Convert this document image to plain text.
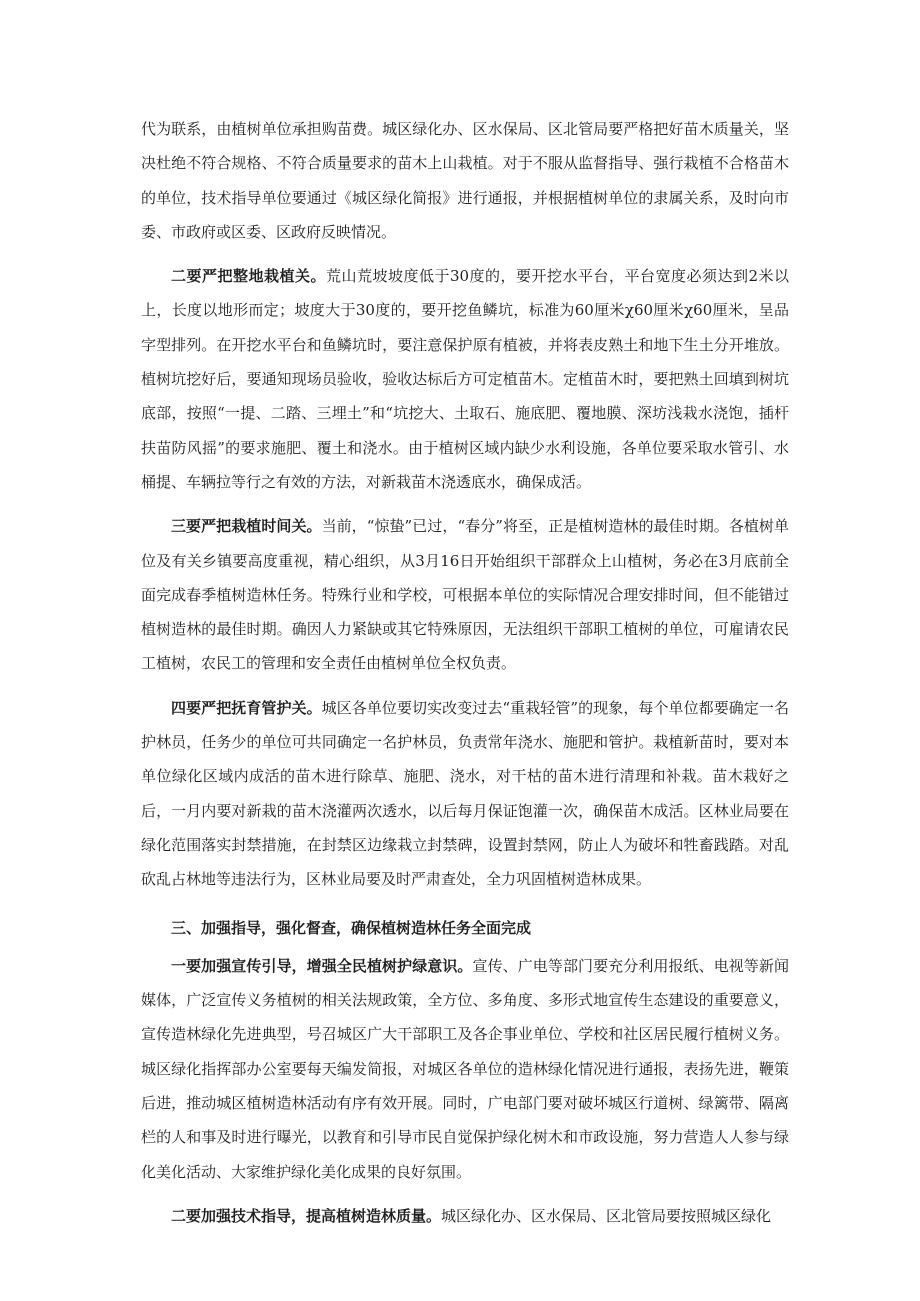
代为联系，由植树单位承担购苗费。城区绿化办、区水保局、区北管局要严格把好苗木质量关，坚决杜绝不符合规格、不符合质量要求的苗木上山栽植。对于不服从监督指导、强行栽植不合格苗木的单位，技术指导单位要通过《城区绿化简报》进行通报，并根据植树单位的隶属关系，及时向市委、市政府或区委、区政府反映情况。

二要严把整地栽植关。荒山荒坡坡度低于30度的，要开挖水平台，平台宽度必须达到2米以上，长度以地形而定；坡度大于30度的，要开挖鱼鳞坑，标准为60厘米χ60厘米χ60厘米，呈品字型排列。在开挖水平台和鱼鳞坑时，要注意保护原有植被，并将表皮熟土和地下生土分开堆放。植树坑挖好后，要通知现场员验收，验收达标后方可定植苗木。定植苗木时，要把熟土回填到树坑底部，按照“一提、二踏、三埋土”和“坑挖大、土取石、施底肥、覆地膜、深坊浅栽水浇饱，插杆扶苗防风摇”的要求施肥、覆土和浇水。由于植树区域内缺少水利设施，各单位要采取水管引、水桶提、车辆拉等行之有效的方法，对新栽苗木浇透底水，确保成活。

三要严把栽植时间关。当前，“惊蛰”已过，“春分”将至，正是植树造林的最佳时期。各植树单位及有关乡镇要高度重视，精心组织，从3月16日开始组织干部群众上山植树，务必在3月底前全面完成春季植树造林任务。特殊行业和学校，可根据本单位的实际情况合理安排时间，但不能错过植树造林的最佳时期。确因人力紧缺或其它特殊原因，无法组织干部职工植树的单位，可雇请农民工植树，农民工的管理和安全责任由植树单位全权负责。

四要严把抚育管护关。城区各单位要切实改变过去“重栽轻管”的现象，每个单位都要确定一名护林员，任务少的单位可共同确定一名护林员，负责常年浇水、施肥和管护。栽植新苗时，要对本单位绿化区域内成活的苗木进行除草、施肥、浇水，对干枯的苗木进行清理和补栽。苗木栽好之后，一月内要对新栽的苗木浇灌两次透水，以后每月保证饱灌一次，确保苗木成活。区林业局要在绿化范围落实封禁措施，在封禁区边缘栽立封禁碑，设置封禁网，防止人为破坏和牲畜践踏。对乱砍乱占林地等违法行为，区林业局要及时严肃查处，全力巩固植树造林成果。

三、加强指导，强化督查，确保植树造林任务全面完成

一要加强宣传引导，增强全民植树护绿意识。宣传、广电等部门要充分利用报纸、电视等新闻媒体，广泛宣传义务植树的相关法规政策，全方位、多角度、多形式地宣传生态建设的重要意义，宣传造林绿化先进典型，号召城区广大干部职工及各企事业单位、学校和社区居民履行植树义务。城区绿化指挥部办公室要每天编发简报，对城区各单位的造林绿化情况进行通报，表扬先进，鞭策后进，推动城区植树造林活动有序有效开展。同时，广电部门要对破坏城区行道树、绿篱带、隔离栏的人和事及时进行曝光，以教育和引导市民自觉保护绿化树木和市政设施，努力营造人人参与绿化美化活动、大家维护绿化美化成果的良好氛围。

二要加强技术指导，提高植树造林质量。城区绿化办、区水保局、区北管局要按照城区绿化
